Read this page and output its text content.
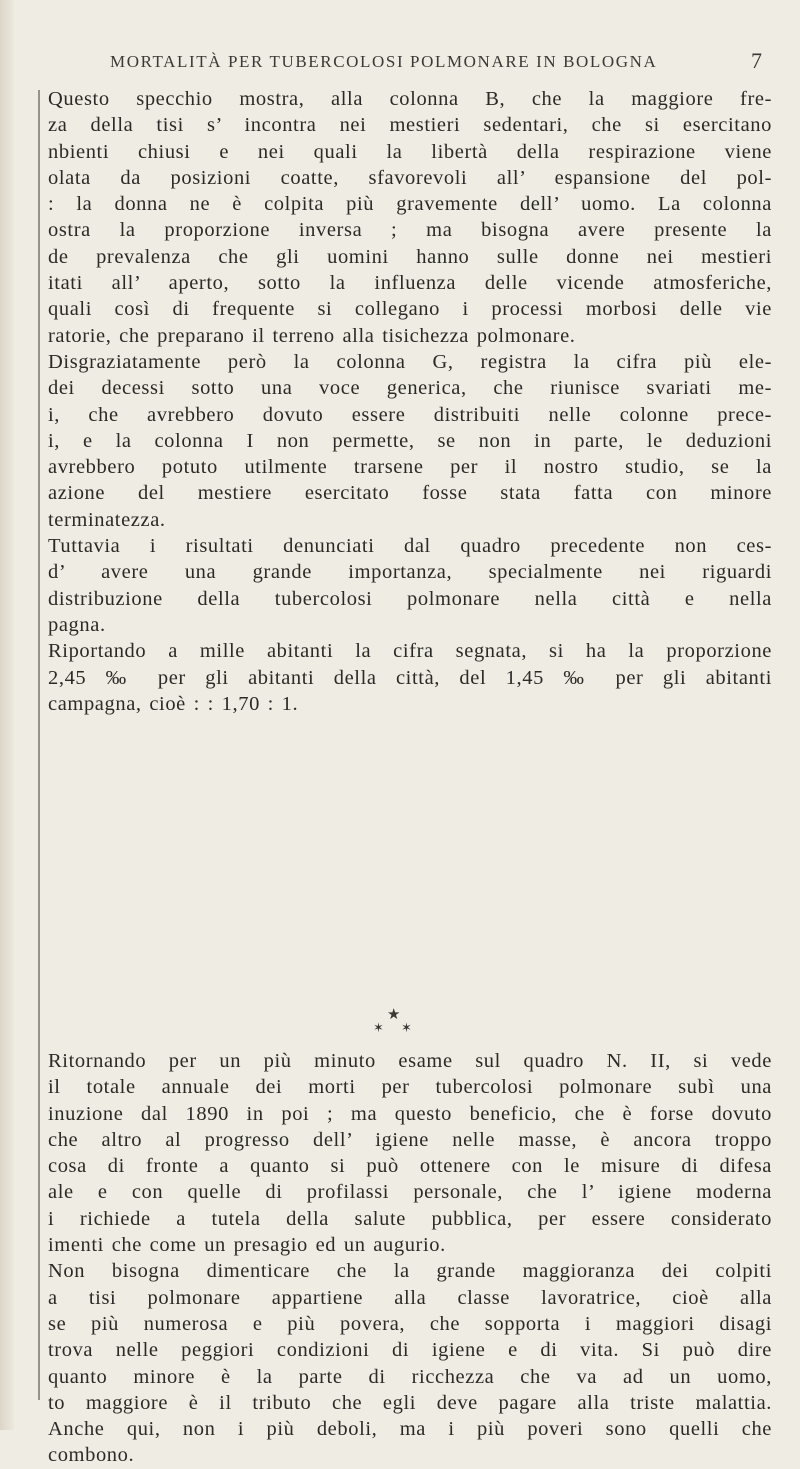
MORTALITÀ PER TUBERCOLOSI POLMONARE IN BOLOGNA	7
Questo specchio mostra, alla colonna B, che la maggiore fre-
za della tisi s’ incontra nei mestieri sedentari, che si esercitano
nbienti chiusi e nei quali la libertà della respirazione viene
olata da posizioni coatte, sfavorevoli all’ espansione del pol-
: la donna ne è colpita più gravemente dell’ uomo. La colonna
ostra la proporzione inversa ; ma bisogna avere presente la
de prevalenza che gli uomini hanno sulle donne nei mestieri
itati all’ aperto, sotto la influenza delle vicende atmosferiche,
quali così di frequente si collegano i processi morbosi delle vie
ratorie, che preparano il terreno alla tisichezza polmonare.
Disgraziatamente però la colonna G, registra la cifra più ele-
dei decessi sotto una voce generica, che riunisce svariati me-
i, che avrebbero dovuto essere distribuiti nelle colonne prece-
i, e la colonna I non permette, se non in parte, le deduzioni
avrebbero potuto utilmente trarsene per il nostro studio, se la
azione del mestiere esercitato fosse stata fatta con minore
terminatezza.
Tuttavia i risultati denunciati dal quadro precedente non ces-
d’ avere una grande importanza, specialmente nei riguardi
distribuzione della tubercolosi polmonare nella città e nella
pagna.
Riportando a mille abitanti la cifra segnata, si ha la proporzione
2,45 ‰ per gli abitanti della città, del 1,45 ‰ per gli abitanti
campagna, cioè : : 1,70 : 1.
★
✶ ✶
Ritornando per un più minuto esame sul quadro N. II, si vede
il totale annuale dei morti per tubercolosi polmonare subì una
inuzione dal 1890 in poi ; ma questo beneficio, che è forse dovuto
che altro al progresso dell’ igiene nelle masse, è ancora troppo
cosa di fronte a quanto si può ottenere con le misure di difesa
ale e con quelle di profilassi personale, che l’ igiene moderna
i richiede a tutela della salute pubblica, per essere considerato
imenti che come un presagio ed un augurio.
Non bisogna dimenticare che la grande maggioranza dei colpiti
a tisi polmonare appartiene alla classe lavoratrice, cioè alla
se più numerosa e più povera, che sopporta i maggiori disagi
trova nelle peggiori condizioni di igiene e di vita. Si può dire
quanto minore è la parte di ricchezza che va ad un uomo,
to maggiore è il tributo che egli deve pagare alla triste malattia.
Anche qui, non i più deboli, ma i più poveri sono quelli che
combono.
